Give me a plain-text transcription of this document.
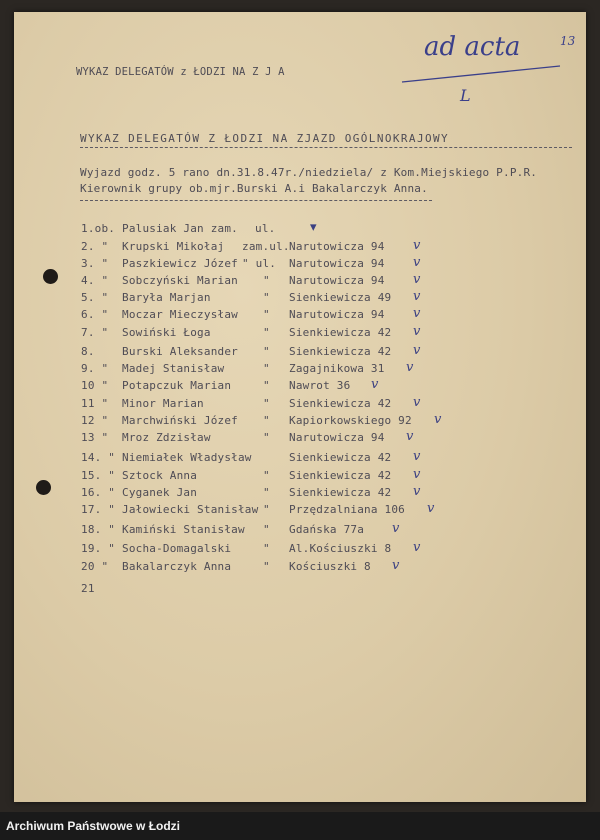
WYKAZ DELEGATÓW z ŁODZI NA Z J A
ad acta	13
L
WYKAZ DELEGATÓW Z ŁODZI NA ZJAZD OGÓLNOKRAJOWY
Wyjazd godz. 5 rano dn.31.8.47r./niedziela/ z Kom.Miejskiego P.P.R.
Kierownik grupy ob.mjr.Burski A.i Bakalarczyk Anna.
1.ob. Palusiak Jan zam. ul.	▾
2. " Krupski Mikołaj zam.ul. Narutowicza 94 v
3. " Paszkiewicz Józef " ul. Narutowicza 94 v
4. " Sobczyński Marian " Narutowicza 94 v
5. " Baryła Marjan	" Sienkiewicza 49 v
6. " Moczar Mieczysław " Narutowicza 94 v
7. " Sowiński Łoga	" Sienkiewicza 42 v
8. Burski Aleksander " Sienkiewicza 42 v
9. " Madej Stanisław	" Zagajnikowa 31 v
10 " Potapczuk Marian	" Nawrot 36 v
11 " Minor Marian	" Sienkiewicza 42 v
12 " Marchwiński Józef " Kapiorkowskiego 92 v
13 " Mroz Zdzisław	" Narutowicza 94 v
14. " Niemiałek Władysław	Sienkiewicza 42 v
15. " Sztock Anna	" Sienkiewicza 42 v
16. " Cyganek Jan	" Sienkiewicza 42 v
17. " Jałowiecki Stanisław " Przędzalniana 106 v
18. " Kamiński Stanisław " Gdańska 77a v
19. " Socha-Domagalski	" Al.Kościuszki 8 v
20 " Bakalarczyk Anna	" Kościuszki 8 v
21
Archiwum Państwowe w Łodzi
